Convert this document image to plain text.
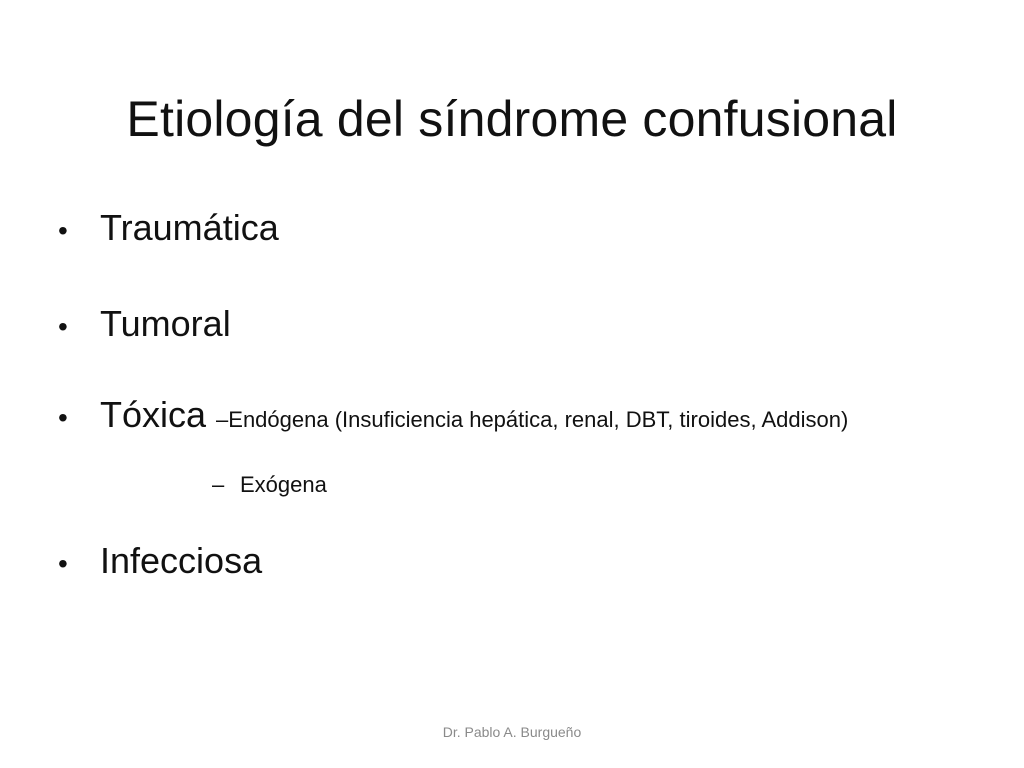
Etiología del síndrome confusional
• Traumática
• Tumoral
• Tóxica –Endógena (Insuficiencia hepática, renal, DBT, tiroides, Addison)
– Exógena
• Infecciosa
Dr. Pablo A. Burgueño
